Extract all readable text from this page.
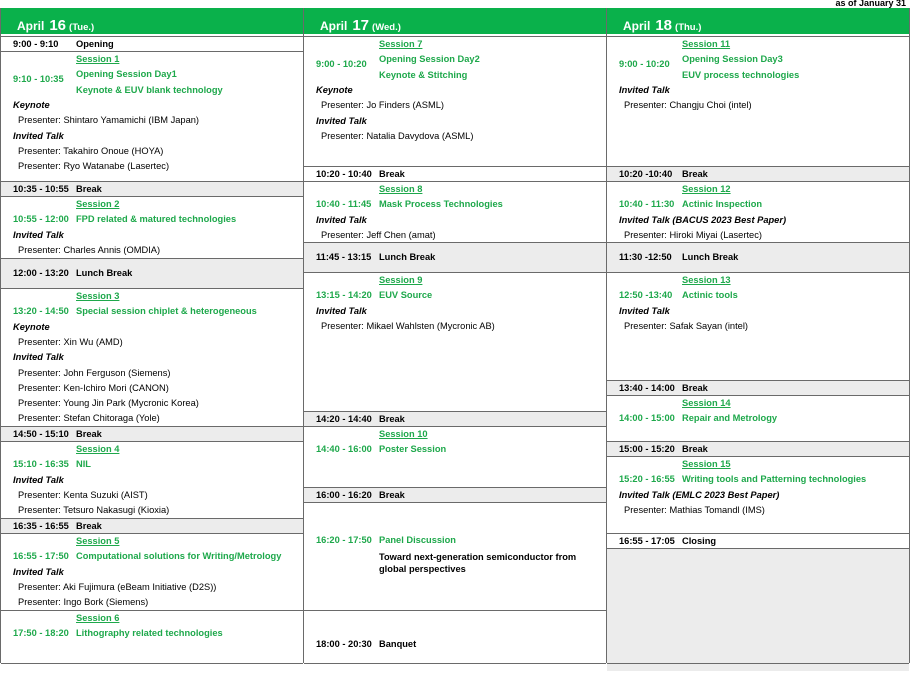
as of January 31
April 16 (Tue.)
9:00 - 9:10 Opening
Session 1
9:10 - 10:35 Opening Session Day1
Keynote & EUV blank technology
Keynote
Presenter: Shintaro Yamamichi (IBM Japan)
Invited Talk
Presenter: Takahiro Onoue (HOYA)
Presenter: Ryo Watanabe (Lasertec)
10:35 - 10:55 Break
Session 2
10:55 - 12:00 FPD related & matured technologies
Invited Talk
Presenter: Charles Annis (OMDIA)
12:00 - 13:20 Lunch Break
Session 3
13:20 - 14:50 Special session chiplet & heterogeneous
Keynote
Presenter: Xin Wu (AMD)
Invited Talk
Presenter: John Ferguson (Siemens)
Presenter: Ken-Ichiro Mori (CANON)
Presenter: Young Jin Park (Mycronic Korea)
Presenter: Stefan Chitoraga (Yole)
14:50 - 15:10 Break
Session 4
15:10 - 16:35 NIL
Invited Talk
Presenter: Kenta Suzuki (AIST)
Presenter: Tetsuro Nakasugi (Kioxia)
16:35 - 16:55 Break
Session 5
16:55 - 17:50 Computational solutions for Writing/Metrology
Invited Talk
Presenter: Aki Fujimura (eBeam Initiative (D2S))
Presenter: Ingo Bork (Siemens)
Session 6
17:50 - 18:20 Lithography related technologies
April 17 (Wed.)
Session 7
9:00 - 10:20 Opening Session Day2
Keynote & Stitching
Keynote
Presenter: Jo Finders (ASML)
Invited Talk
Presenter: Natalia Davydova (ASML)
10:20 - 10:40 Break
Session 8
10:40 - 11:45 Mask Process Technologies
Invited Talk
Presenter: Jeff Chen (amat)
11:45 - 13:15 Lunch Break
Session 9
13:15 - 14:20 EUV Source
Invited Talk
Presenter: Mikael Wahlsten (Mycronic AB)
14:20 - 14:40 Break
Session 10
14:40 - 16:00 Poster Session
16:00 - 16:20 Break
16:20 - 17:50 Panel Discussion
Toward next-generation semiconductor from global perspectives
18:00 - 20:30 Banquet
April 18 (Thu.)
Session 11
9:00 - 10:20 Opening Session Day3
EUV process technologies
Invited Talk
Presenter: Changju Choi (intel)
10:20 -10:40 Break
Session 12
10:40 - 11:30 Actinic Inspection
Invited Talk (BACUS 2023 Best Paper)
Presenter: Hiroki Miyai (Lasertec)
11:30 -12:50 Lunch Break
Session 13
12:50 -13:40 Actinic tools
Invited Talk
Presenter: Safak Sayan (intel)
13:40 - 14:00 Break
Session 14
14:00 - 15:00 Repair and Metrology
15:00 - 15:20 Break
Session 15
15:20 - 16:55 Writing tools and Patterning technologies
Invited Talk (EMLC 2023 Best Paper)
Presenter: Mathias Tomandl (IMS)
16:55 - 17:05 Closing
